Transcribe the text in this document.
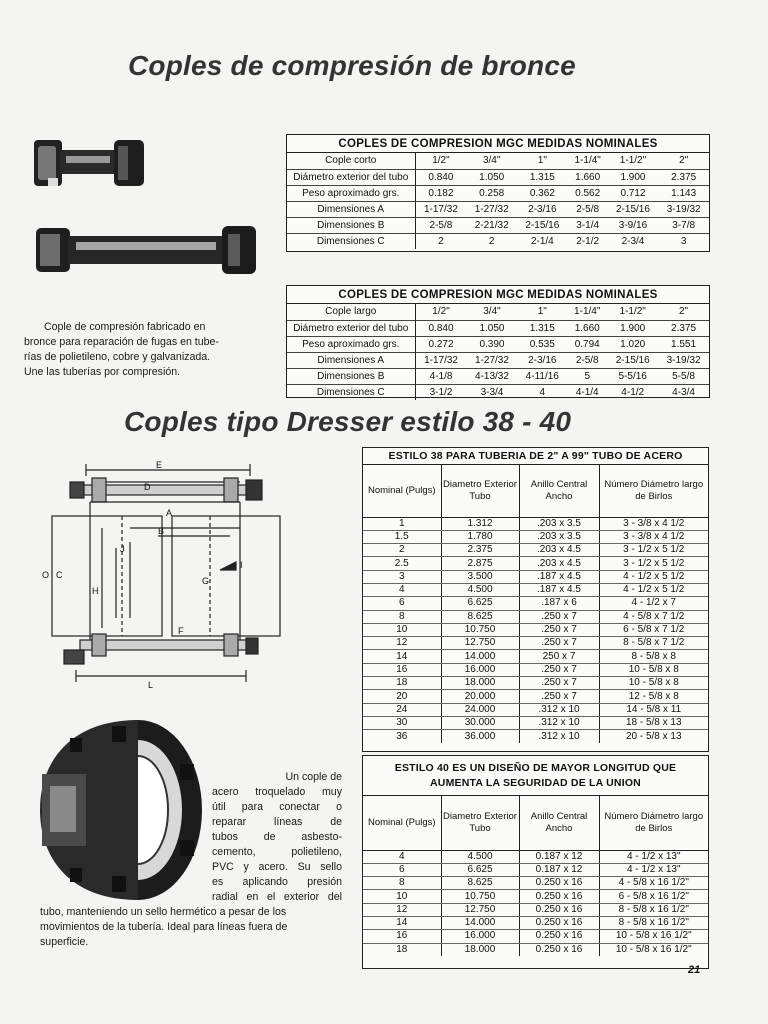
Coples de compresión de bronce
Coples tipo Dresser estilo 38 - 40
COPLES DE COMPRESION MGC MEDIDAS NOMINALES
Cople corto	1/2"	3/4"	1"	1-1/4"	1-1/2"	2"
Diámetro exterior del tubo	0.840	1.050	1.315	1.660	1.900	2.375
Peso aproximado grs.	0.182	0.258	0.362	0.562	0.712	1.143
Dimensiones A	1-17/32	1-27/32	2-3/16	2-5/8	2-15/16	3-19/32
Dimensiones B	2-5/8	2-21/32	2-15/16	3-1/4	3-9/16	3-7/8
Dimensiones C	2	2	2-1/4	2-1/2	2-3/4	3
COPLES DE COMPRESION MGC MEDIDAS NOMINALES
Cople largo	1/2"	3/4"	1"	1-1/4"	1-1/2"	2"
Diámetro exterior del tubo	0.840	1.050	1.315	1.660	1.900	2.375
Peso aproximado grs.	0.272	0.390	0.535	0.794	1.020	1.551
Dimensiones A	1-17/32	1-27/32	2-3/16	2-5/8	2-15/16	3-19/32
Dimensiones B	4-1/8	4-13/32	4-11/16	5	5-5/16	5-5/8
Dimensiones C	3-1/2	3-3/4	4	4-1/4	4-1/2	4-3/4
Cople de compresión fabricado en
bronce para reparación de fugas en tube-
rías de polietileno, cobre y galvanizada.
Une las tuberías por compresión.
E
D
A
B
J
H
G
I
L
O C
F
ESTILO 38 PARA TUBERIA DE 2" A 99" TUBO DE ACERO
Nominal (Pulgs)	Diametro Exterior Tubo	Anillo Central Ancho	Número Diámetro largo de Birlos
1	1.312	.203 x 3.5	3 - 3/8 x 4 1/2
1.5	1.780	.203 x 3.5	3 - 3/8 x 4 1/2
2	2.375	.203 x 4.5	3 - 1/2 x 5 1/2
2.5	2.875	.203 x 4.5	3 - 1/2 x 5 1/2
3	3.500	.187 x 4.5	4 - 1/2 x 5 1/2
4	4.500	.187 x 4.5	4 - 1/2 x 5 1/2
6	6.625	.187 x 6	4 - 1/2 x 7
8	8.625	.250 x 7	4 - 5/8 x 7 1/2
10	10.750	.250 x 7	6 - 5/8 x 7 1/2
12	12.750	.250 x 7	8 - 5/8 x 7 1/2
14	14.000	250 x 7	8 - 5/8 x 8
16	16.000	.250 x 7	10 - 5/8 x 8
18	18.000	.250 x 7	10 - 5/8 x 8
20	20.000	.250 x 7	12 - 5/8 x 8
24	24.000	.312 x 10	14 - 5/8 x 11
30	30.000	.312 x 10	18 - 5/8 x 13
36	36.000	.312 x 10	20 - 5/8 x 13
ESTILO 40 ES UN DISEÑO DE MAYOR LONGITUD QUE
AUMENTA LA SEGURIDAD DE LA UNION
Nominal (Pulgs)	Diametro Exterior Tubo	Anillo Central Ancho	Número Diámetro largo de Birlos
4	4.500	0.187 x 12	4 - 1/2 x 13"
6	6.625	0.187 x 12	4 - 1/2 x 13"
8	8.625	0.250 x 16	4 - 5/8 x 16 1/2"
10	10.750	0.250 x 16	6 - 5/8 x 16 1/2"
12	12.750	0.250 x 16	8 - 5/8 x 16 1/2"
14	14.000	0.250 x 16	8 - 5/8 x 16 1/2"
16	16.000	0.250 x 16	10 - 5/8 x 16 1/2"
18	18.000	0.250 x 16	10 - 5/8 x 16 1/2"
Un cople de
acero troquelado muy
útil para conectar o
reparar líneas de
tubos de asbesto-
cemento, polietileno,
PVC y acero. Su sello
es aplicando presión
radial en el exterior del
tubo, manteniendo un sello hermético a pesar de los
movimientos de la tubería. Ideal para líneas fuera de
superficie.
21
